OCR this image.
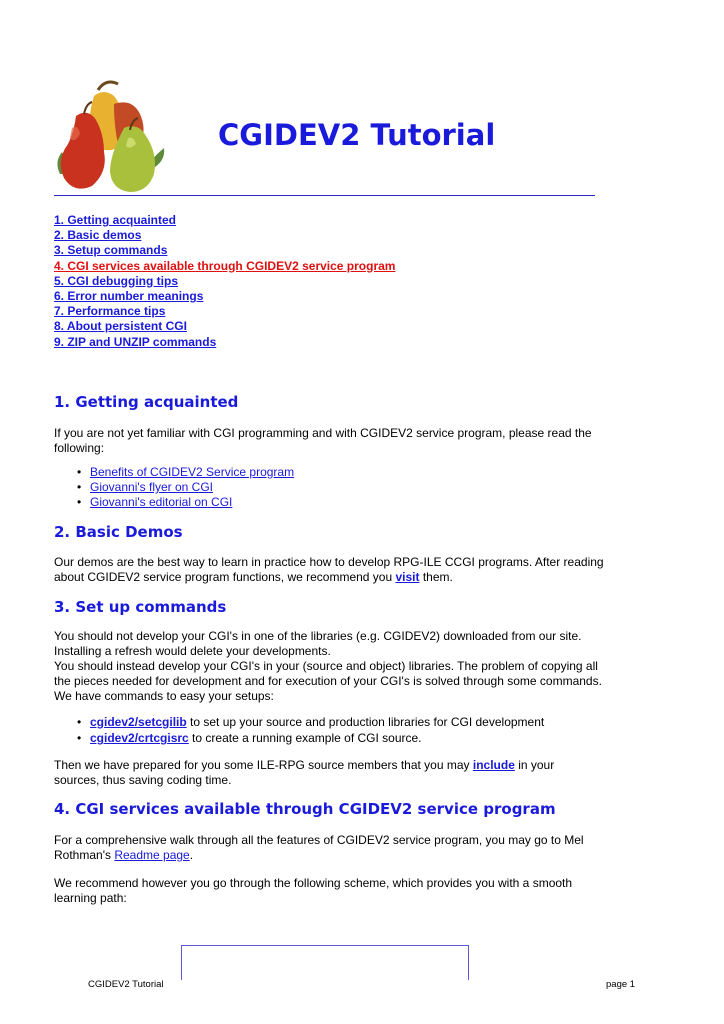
CGIDEV2 Tutorial
1. Getting acquainted
2. Basic demos
3. Setup commands
4. CGI services available through CGIDEV2 service program
5. CGI debugging tips
6. Error number meanings
7. Performance tips
8. About persistent CGI
9. ZIP and UNZIP commands
1. Getting acquainted

If you are not yet familiar with CGI programming and with CGIDEV2 service program, please read the following:

• Benefits of CGIDEV2 Service program
• Giovanni's flyer on CGI
• Giovanni's editorial on CGI
2. Basic Demos

Our demos are the best way to learn in practice how to develop RPG-ILE CCGI programs. After reading about CGIDEV2 service program functions, we recommend you visit them.

3. Set up commands

You should not develop your CGI's in one of the libraries (e.g. CGIDEV2) downloaded from our site. Installing a refresh would delete your developments.

You should instead develop your CGI's in your (source and object) libraries. The problem of copying all the pieces needed for development and for execution of your CGI's is solved through some commands. We have commands to easy your setups:

• cgidev2/setcgilib to set up your source and production libraries for CGI development
• cgidev2/crtcgisrc to create a running example of CGI source.

Then we have prepared for you some ILE-RPG source members that you may include in your sources, thus saving coding time.

4. CGI services available through CGIDEV2 service program

For a comprehensive walk through all the features of CGIDEV2 service program, you may go to Mel Rothman's Readme page.

We recommend however you go through the following scheme, which provides you with a smooth learning path:

CGIDEV2 Tutorial	page 1
